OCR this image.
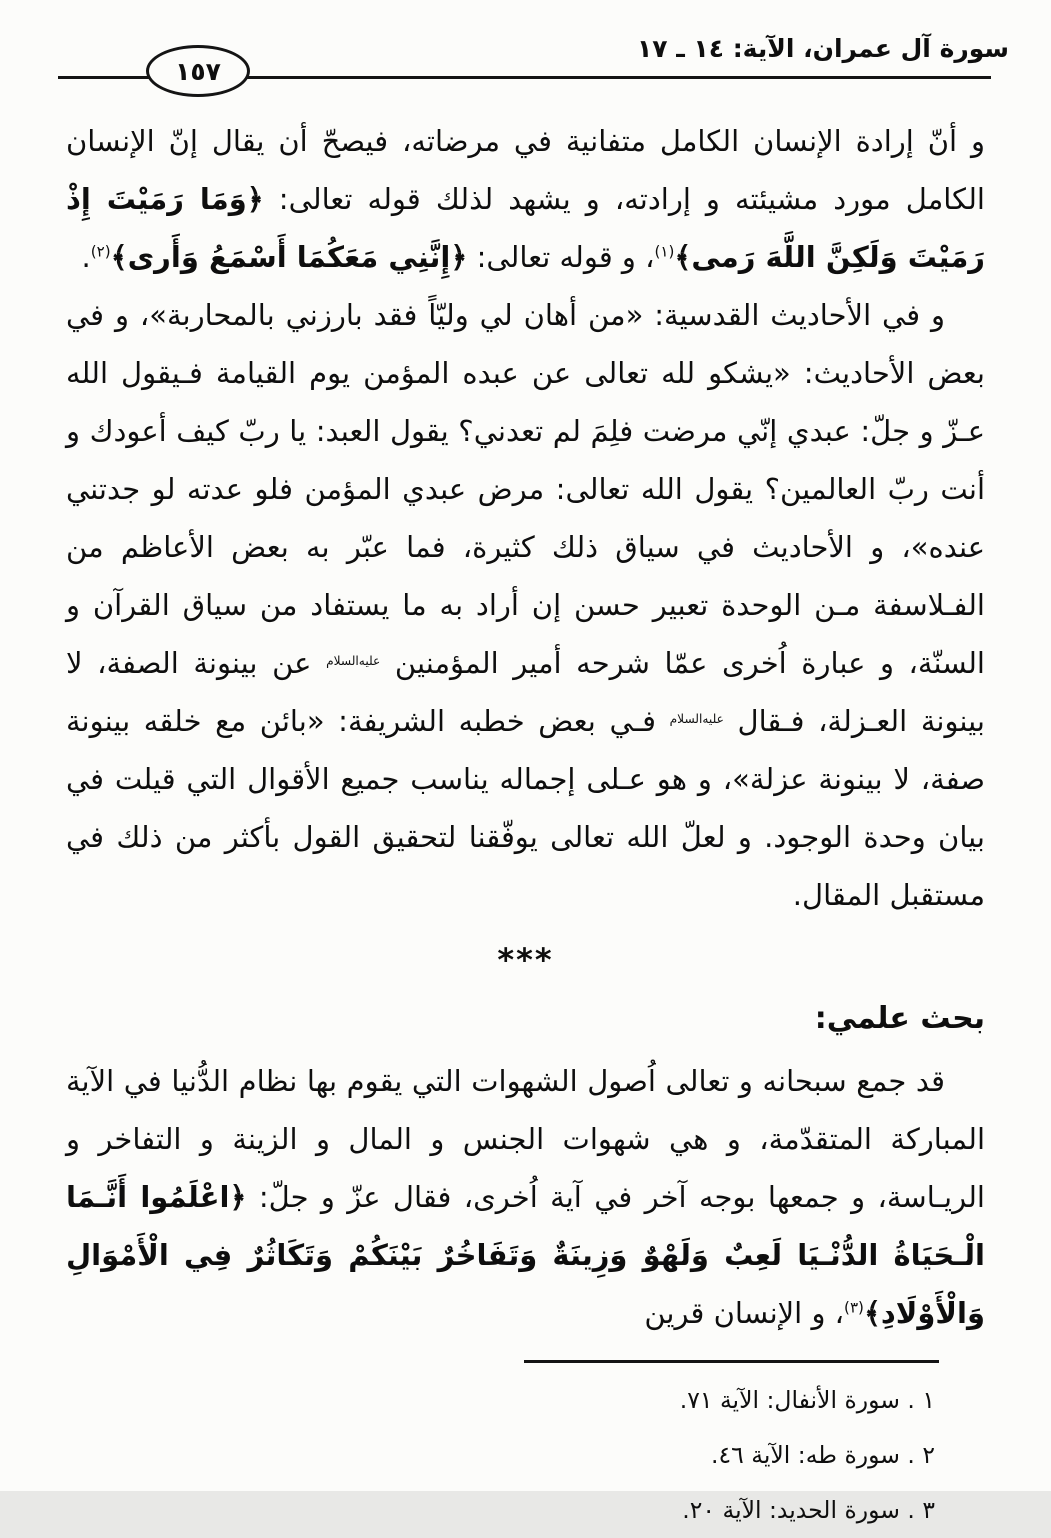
سورة آل عمران، الآية: ١٤ ـ ١٧
١٥٧

و أنّ إرادة الإنسان الكامل متفانية في مرضاته، فيصحّ أن يقال إنّ الإنسان الكامل مورد مشيئته و إرادته، و يشهد لذلك قوله تعالى: ﴿وَمَا رَمَيْتَ إِذْ رَمَيْتَ وَلَكِنَّ اللَّهَ رَمى﴾$^{(١)}$، و قوله تعالى: ﴿إِنَّنِي مَعَكُمَا أَسْمَعُ وَأَرى﴾$^{(٢)}$.

و في الأحاديث القدسية: «من أهان لي وليّاً فقد بارزني بالمحاربة»، و في بعض الأحاديث: «يشكو لله تعالى عن عبده المؤمن يوم القيامة فـيقول الله عـزّ و جلّ: عبدي إنّي مرضت فلِمَ لم تعدني؟ يقول العبد: يا ربّ كيف أعودك و أنت ربّ العالمين؟ يقول الله تعالى: مرض عبدي المؤمن فلو عدته لو جدتني عنده»، و الأحاديث في سياق ذلك كثيرة، فما عبّر به بعض الأعاظم من الفـلاسفة مـن الوحدة تعبير حسن إن أراد به ما يستفاد من سياق القرآن و السنّة، و عبارة اُخرى عمّا شرحه أمير المؤمنين $^{عليه‌السلام}$ عن بينونة الصفة، لا بينونة العـزلة، فـقال $^{عليه‌السلام}$ فـي بعض خطبه الشريفة: «بائن مع خلقه بينونة صفة، لا بينونة عزلة»، و هو عـلى إجماله يناسب جميع الأقوال التي قيلت في بيان وحدة الوجود. و لعلّ الله تعالى يوفّقنا لتحقيق القول بأكثر من ذلك في مستقبل المقال.

***
بحث علمي:

قد جمع سبحانه و تعالى اُصول الشهوات التي يقوم بها نظام الدُّنيا في الآية المباركة المتقدّمة، و هي شهوات الجنس و المال و الزينة و التفاخر و الريـاسة، و جمعها بوجه آخر في آية اُخرى، فقال عزّ و جلّ: ﴿اعْلَمُوا أَنَّـمَا الْـحَيَاةُ الدُّنْـيَا لَعِبٌ وَلَهْوٌ وَزِينَةٌ وَتَفَاخُرٌ بَيْنَكُمْ وَتَكَاثُرٌ فِي الْأَمْوَالِ وَالْأَوْلَادِ﴾$^{(٣)}$، و الإنسان قرين

١ . سورة الأنفال: الآية ٧١.
٢ . سورة طه: الآية ٤٦.
٣ . سورة الحديد: الآية ٢٠.
